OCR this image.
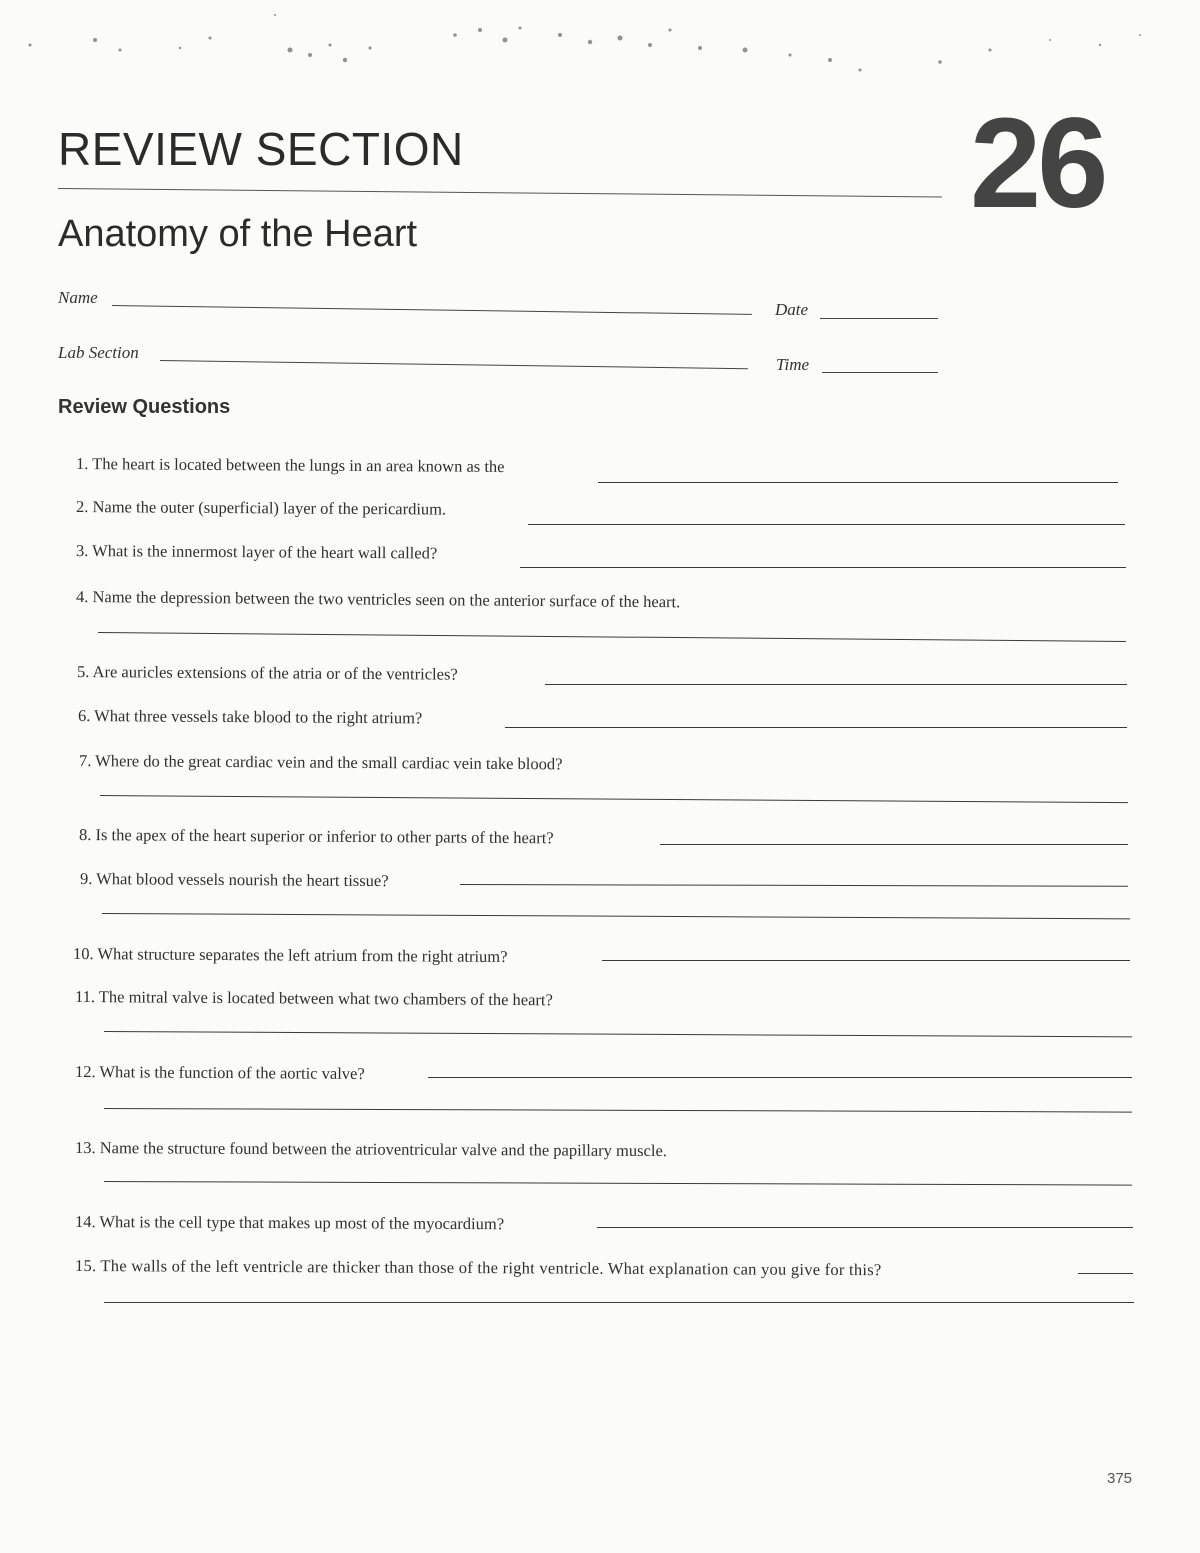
REVIEW SECTION	26
Anatomy of the Heart
Name
Date
Lab Section
Time
Review Questions
1. The heart is located between the lungs in an area known as the
2. Name the outer (superficial) layer of the pericardium.
3. What is the innermost layer of the heart wall called?
4. Name the depression between the two ventricles seen on the anterior surface of the heart.
5. Are auricles extensions of the atria or of the ventricles?
6. What three vessels take blood to the right atrium?
7. Where do the great cardiac vein and the small cardiac vein take blood?
8. Is the apex of the heart superior or inferior to other parts of the heart?
9. What blood vessels nourish the heart tissue?
10. What structure separates the left atrium from the right atrium?
11. The mitral valve is located between what two chambers of the heart?
12. What is the function of the aortic valve?
13. Name the structure found between the atrioventricular valve and the papillary muscle.
14. What is the cell type that makes up most of the myocardium?
15. The walls of the left ventricle are thicker than those of the right ventricle. What explanation can you give for this?
375
